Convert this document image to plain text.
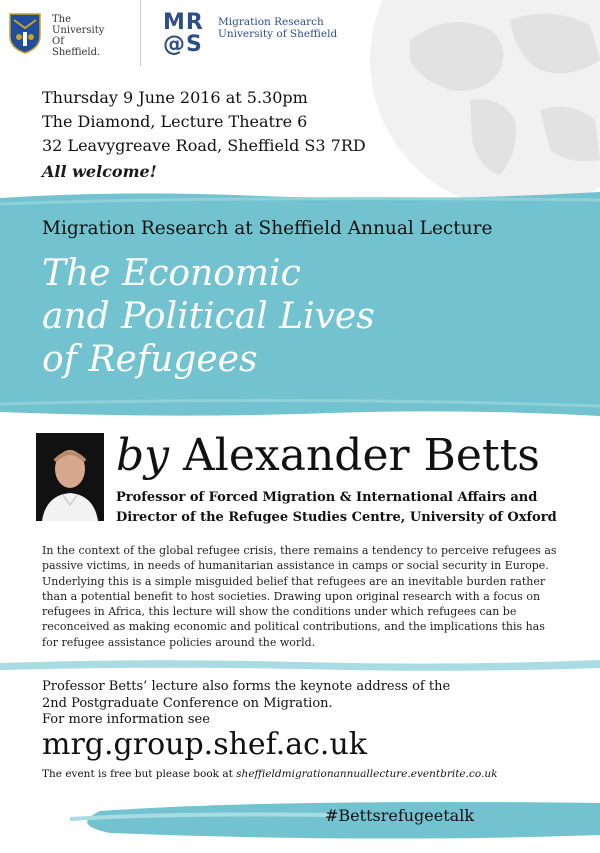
The
University
Of
Sheffield.
MR
@S
Migration Research
University of Sheffield
Thursday 9 June 2016 at 5.30pm
The Diamond, Lecture Theatre 6
32 Leavygreave Road, Sheffield S3 7RD
All welcome!
Migration Research at Sheffield Annual Lecture
The Economic
and Political Lives
of Refugees
by Alexander Betts
Professor of Forced Migration & International Affairs and
Director of the Refugee Studies Centre, University of Oxford
In the context of the global refugee crisis, there remains a tendency to perceive refugees as passive victims, in needs of humanitarian assistance in camps or social security in Europe. Underlying this is a simple misguided belief that refugees are an inevitable burden rather than a potential benefit to host societies. Drawing upon original research with a focus on refugees in Africa, this lecture will show the conditions under which refugees can be reconceived as making economic and political contributions, and the implications this has for refugee assistance policies around the world.
Professor Betts’ lecture also forms the keynote address of the
2nd Postgraduate Conference on Migration.
For more information see
mrg.group.shef.ac.uk
The event is free but please book at sheffieldmigrationannuallecture.eventbrite.co.uk
#Bettsrefugeetalk
